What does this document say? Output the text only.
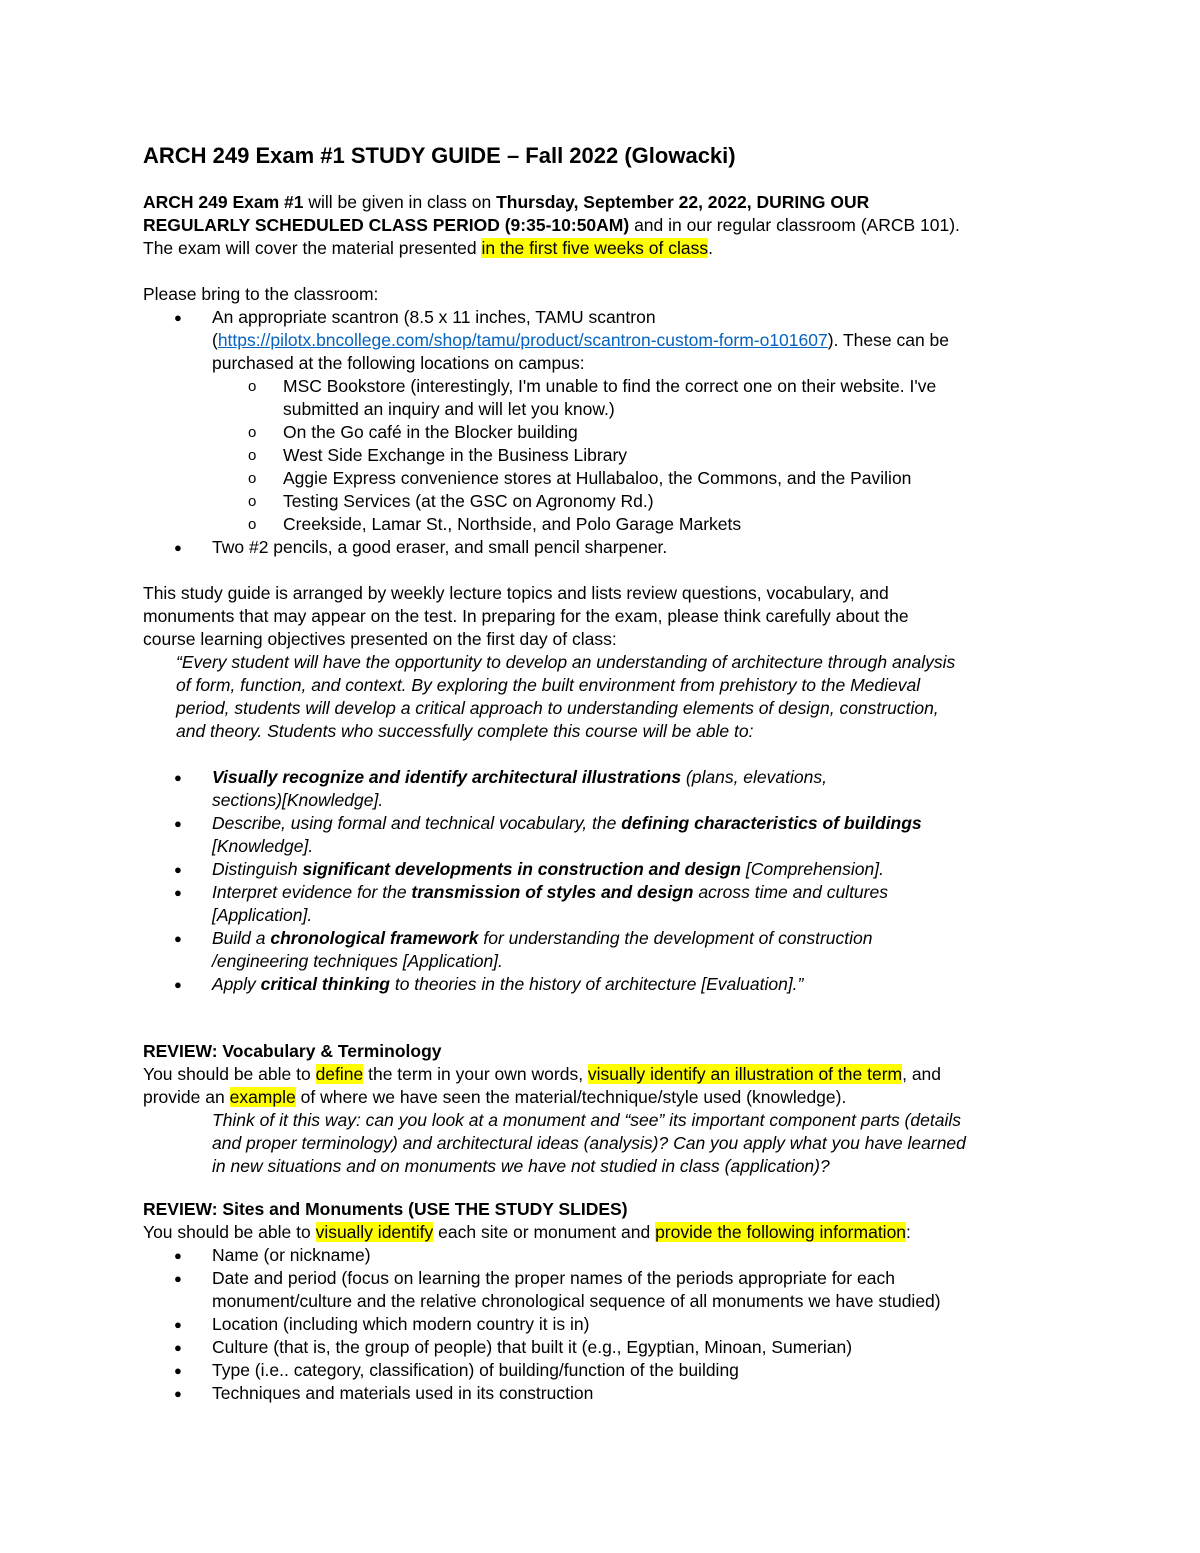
ARCH 249 Exam #1 STUDY GUIDE – Fall 2022 (Glowacki)
ARCH 249 Exam #1 will be given in class on Thursday, September 22, 2022, DURING OUR
REGULARLY SCHEDULED CLASS PERIOD (9:35-10:50AM) and in our regular classroom (ARCB 101).
The exam will cover the material presented in the first five weeks of class.
Please bring to the classroom:
● An appropriate scantron (8.5 x 11 inches, TAMU scantron
(https://pilotx.bncollege.com/shop/tamu/product/scantron-custom-form-o101607). These can be
purchased at the following locations on campus:
o MSC Bookstore (interestingly, I'm unable to find the correct one on their website. I've
submitted an inquiry and will let you know.)
o On the Go café in the Blocker building
o West Side Exchange in the Business Library
o Aggie Express convenience stores at Hullabaloo, the Commons, and the Pavilion
o Testing Services (at the GSC on Agronomy Rd.)
o Creekside, Lamar St., Northside, and Polo Garage Markets
● Two #2 pencils, a good eraser, and small pencil sharpener.
This study guide is arranged by weekly lecture topics and lists review questions, vocabulary, and
monuments that may appear on the test. In preparing for the exam, please think carefully about the
course learning objectives presented on the first day of class:
“Every student will have the opportunity to develop an understanding of architecture through analysis
of form, function, and context. By exploring the built environment from prehistory to the Medieval
period, students will develop a critical approach to understanding elements of design, construction,
and theory. Students who successfully complete this course will be able to:
● Visually recognize and identify architectural illustrations (plans, elevations,
sections)[Knowledge].
● Describe, using formal and technical vocabulary, the defining characteristics of buildings
[Knowledge].
● Distinguish significant developments in construction and design [Comprehension].
● Interpret evidence for the transmission of styles and design across time and cultures
[Application].
● Build a chronological framework for understanding the development of construction
/engineering techniques [Application].
● Apply critical thinking to theories in the history of architecture [Evaluation].”
REVIEW: Vocabulary & Terminology
You should be able to define the term in your own words, visually identify an illustration of the term, and
provide an example of where we have seen the material/technique/style used (knowledge).
Think of it this way: can you look at a monument and “see” its important component parts (details
and proper terminology) and architectural ideas (analysis)? Can you apply what you have learned
in new situations and on monuments we have not studied in class (application)?
REVIEW: Sites and Monuments (USE THE STUDY SLIDES)
You should be able to visually identify each site or monument and provide the following information:
● Name (or nickname)
● Date and period (focus on learning the proper names of the periods appropriate for each
monument/culture and the relative chronological sequence of all monuments we have studied)
● Location (including which modern country it is in)
● Culture (that is, the group of people) that built it (e.g., Egyptian, Minoan, Sumerian)
● Type (i.e.. category, classification) of building/function of the building
● Techniques and materials used in its construction
